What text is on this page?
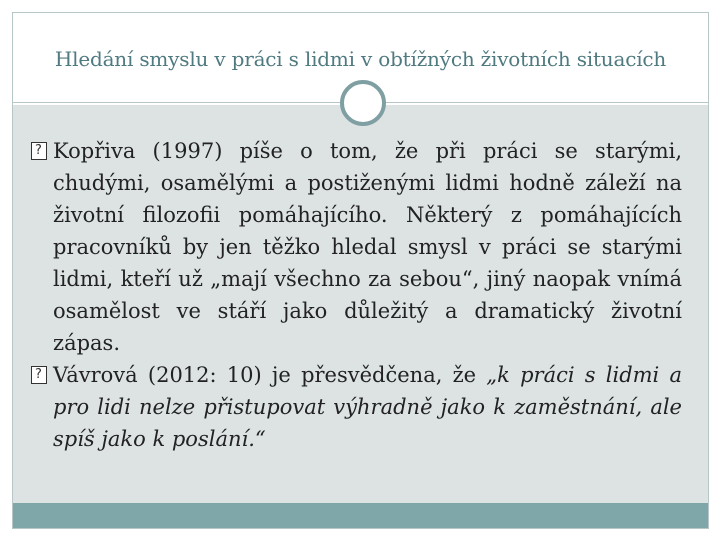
Hledání smyslu v práci s lidmi v obtížných životních situacích

?
Kopřiva (1997) píše o tom, že při práci se starými, chudými, osamělými a postiženými lidmi hodně záleží na životní filozofii pomáhajícího. Některý z pomáhajících pracovníků by jen těžko hledal smysl v práci se starými lidmi, kteří už „mají všechno za sebou“, jiný naopak vnímá osamělost ve stáří jako důležitý a dramatický životní zápas.

?
Vávrová (2012: 10) je přesvědčena, že „k práci s lidmi a pro lidi nelze přistupovat výhradně jako k zaměstnání, ale spíš jako k poslání.“
